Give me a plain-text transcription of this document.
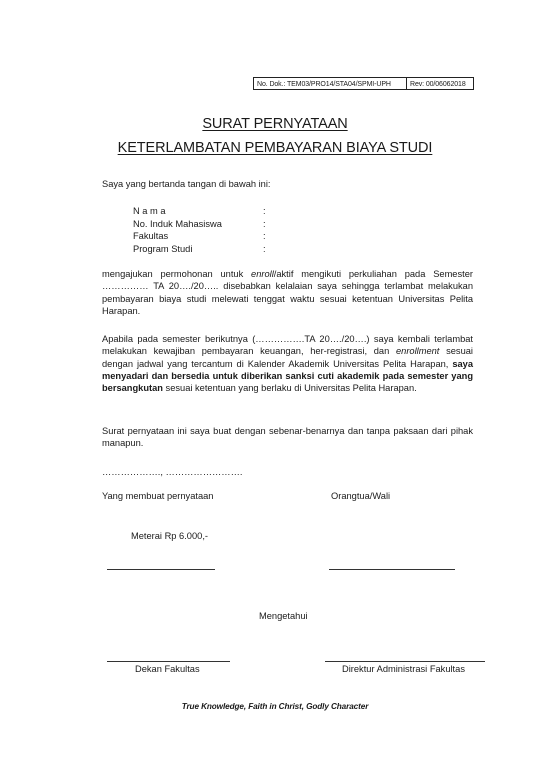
No. Dok.: TEM03/PRO14/STA04/SPMI-UPH	Rev: 00/06062018
SURAT PERNYATAAN
KETERLAMBATAN PEMBAYARAN BIAYA STUDI
Saya yang bertanda tangan di bawah ini:
N a m a	:
No. Induk Mahasiswa	:
Fakultas	:
Program Studi	:

mengajukan permohonan untuk enroll/aktif mengikuti perkuliahan pada Semester …………… TA 20…./20….. disebabkan kelalaian saya sehingga terlambat melakukan pembayaran biaya studi melewati tenggat waktu sesuai ketentuan Universitas Pelita Harapan.

Apabila pada semester berikutnya (…………….TA 20…./20….) saya kembali terlambat melakukan kewajiban pembayaran keuangan, her-registrasi, dan enrollment sesuai dengan jadwal yang tercantum di Kalender Akademik Universitas Pelita Harapan, saya menyadari dan bersedia untuk diberikan sanksi cuti akademik pada semester yang bersangkutan sesuai ketentuan yang berlaku di Universitas Pelita Harapan.

Surat pernyataan ini saya buat dengan sebenar-benarnya dan tanpa paksaan dari pihak manapun.

………………., …………………….
Yang membuat pernyataan	Orangtua/Wali
Meterai Rp 6.000,-
Mengetahui
Dekan Fakultas	Direktur Administrasi Fakultas
True Knowledge, Faith in Christ, Godly Character
